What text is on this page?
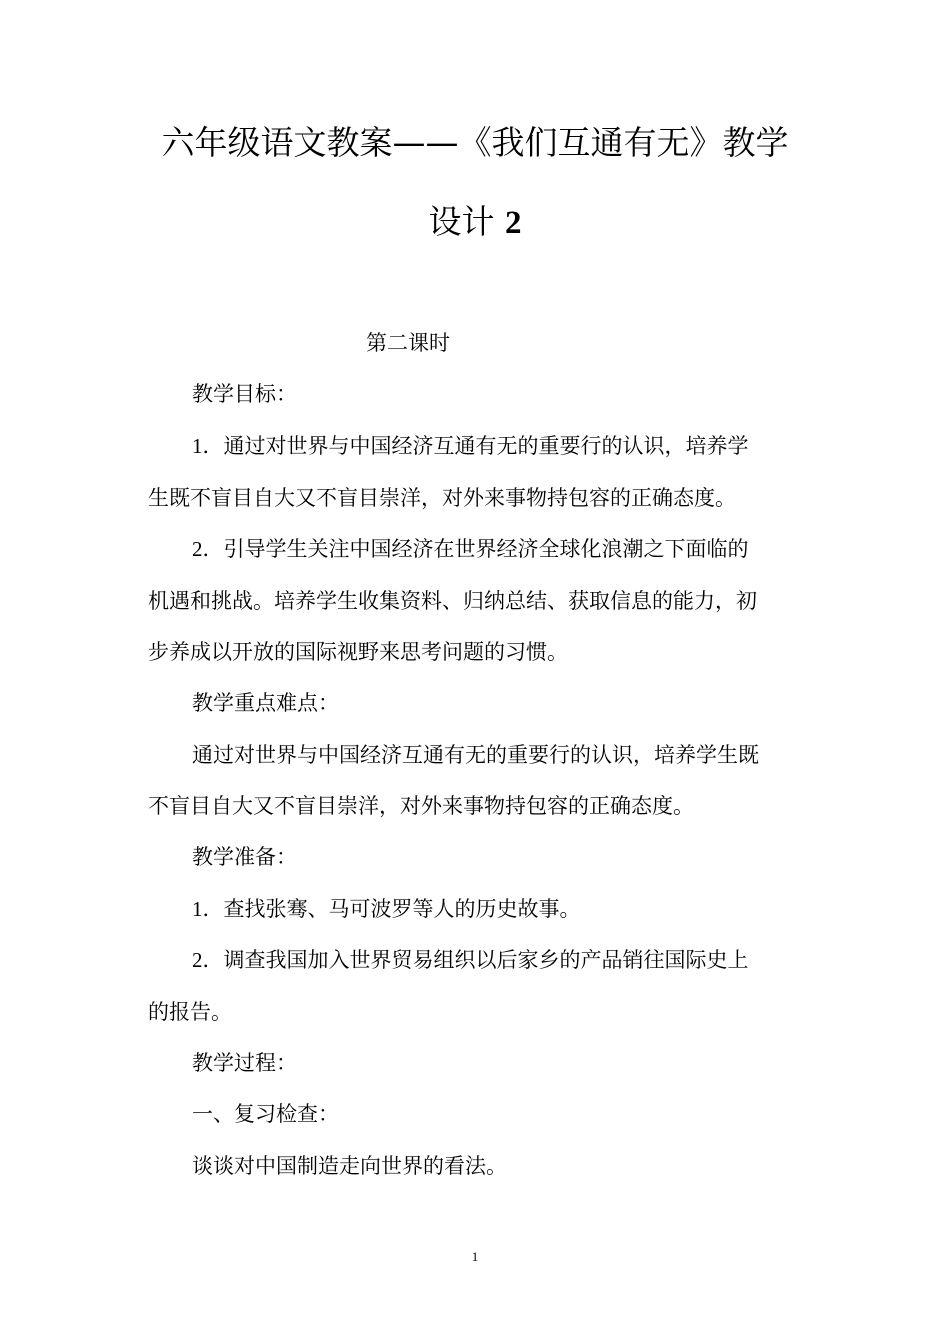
六年级语文教案——《我们互通有无》教学
设计 2
第二课时
教学目标：
1．通过对世界与中国经济互通有无的重要行的认识，培养学
生既不盲目自大又不盲目崇洋，对外来事物持包容的正确态度。
2．引导学生关注中国经济在世界经济全球化浪潮之下面临的
机遇和挑战。培养学生收集资料、归纳总结、获取信息的能力，初
步养成以开放的国际视野来思考问题的习惯。
教学重点难点：
通过对世界与中国经济互通有无的重要行的认识，培养学生既
不盲目自大又不盲目崇洋，对外来事物持包容的正确态度。
教学准备：
1．查找张骞、马可波罗等人的历史故事。
2．调查我国加入世界贸易组织以后家乡的产品销往国际史上
的报告。
教学过程：
一、复习检查：
谈谈对中国制造走向世界的看法。
1
